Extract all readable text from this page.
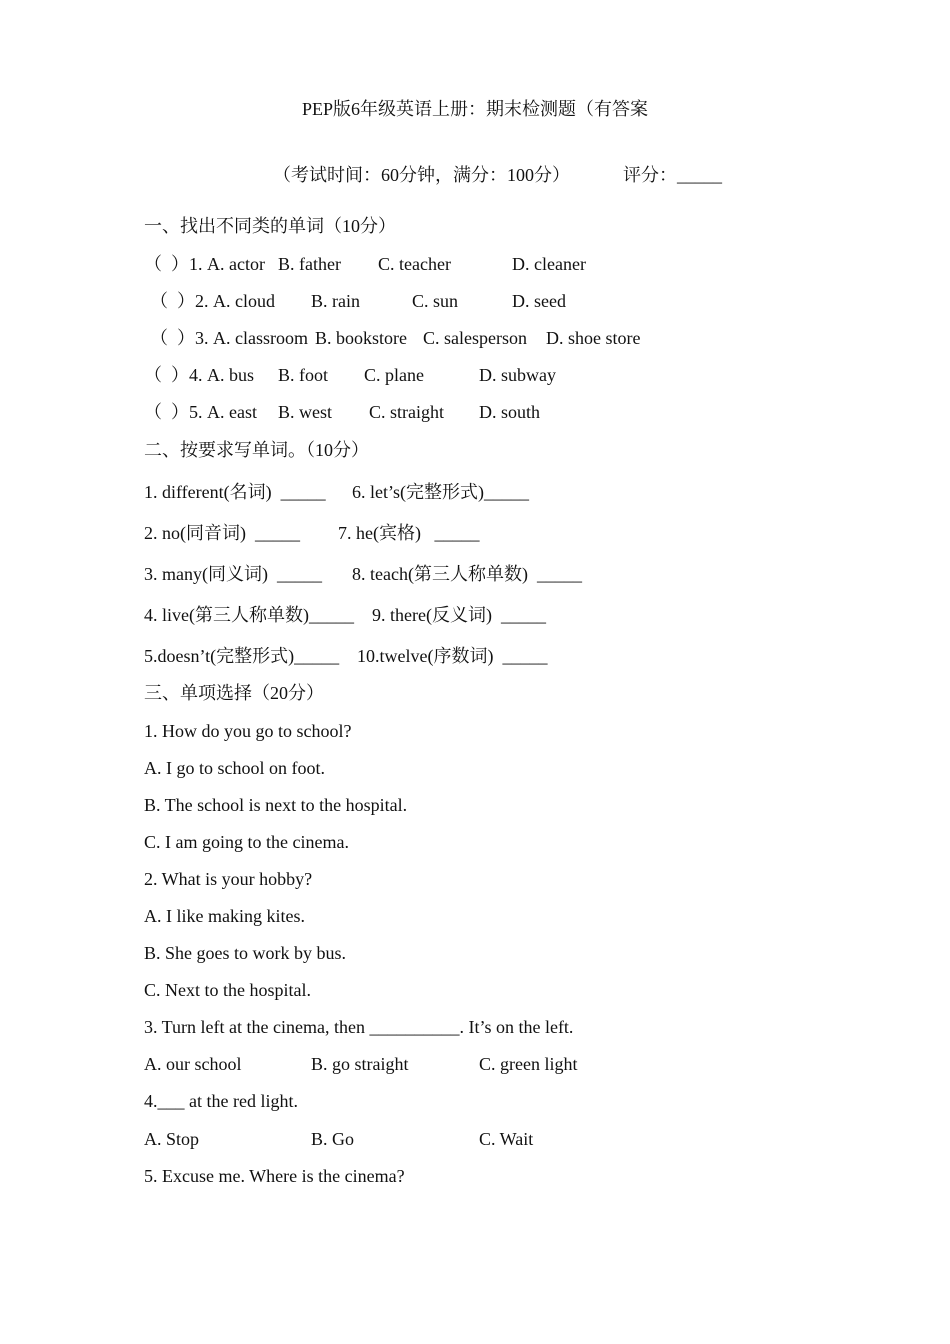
PEP版6年级英语上册：期末检测题（有答案
（考试时间：60分钟，满分：100分）	评分：_____
一、找出不同类的单词（10分）
（  ）1. A. actor B. father C. teacher	D. cleaner
（  ）2. A. cloud B. rain	C. sun	D. seed
（  ）3. A. classroom B. bookstore C. salesperson D. shoe store
（  ）4. A. bus B. foot C. plane	D. subway
（  ）5. A. east B. west C. straight D. south
二、按要求写单词。（10分）
1. different(名词)  _____ 6. let’s(完整形式)_____
2. no(同音词)  _____ 7. he(宾格)   _____
3. many(同义词)  _____ 8. teach(第三人称单数)  _____
4. live(第三人称单数)_____ 9. there(反义词)  _____
5.doesn’t(完整形式)_____ 10.twelve(序数词)  _____
三、单项选择（20分）
1. How do you go to school?
A. I go to school on foot.
B. The school is next to the hospital.
C. I am going to the cinema.
2. What is your hobby?
A. I like making kites.
B. She goes to work by bus.
C. Next to the hospital.
3. Turn left at the cinema, then __________. It’s on the left.
A. our school	B. go straight	C. green light
4.___ at the red light.
A. Stop	B. Go	C. Wait
5. Excuse me. Where is the cinema?
